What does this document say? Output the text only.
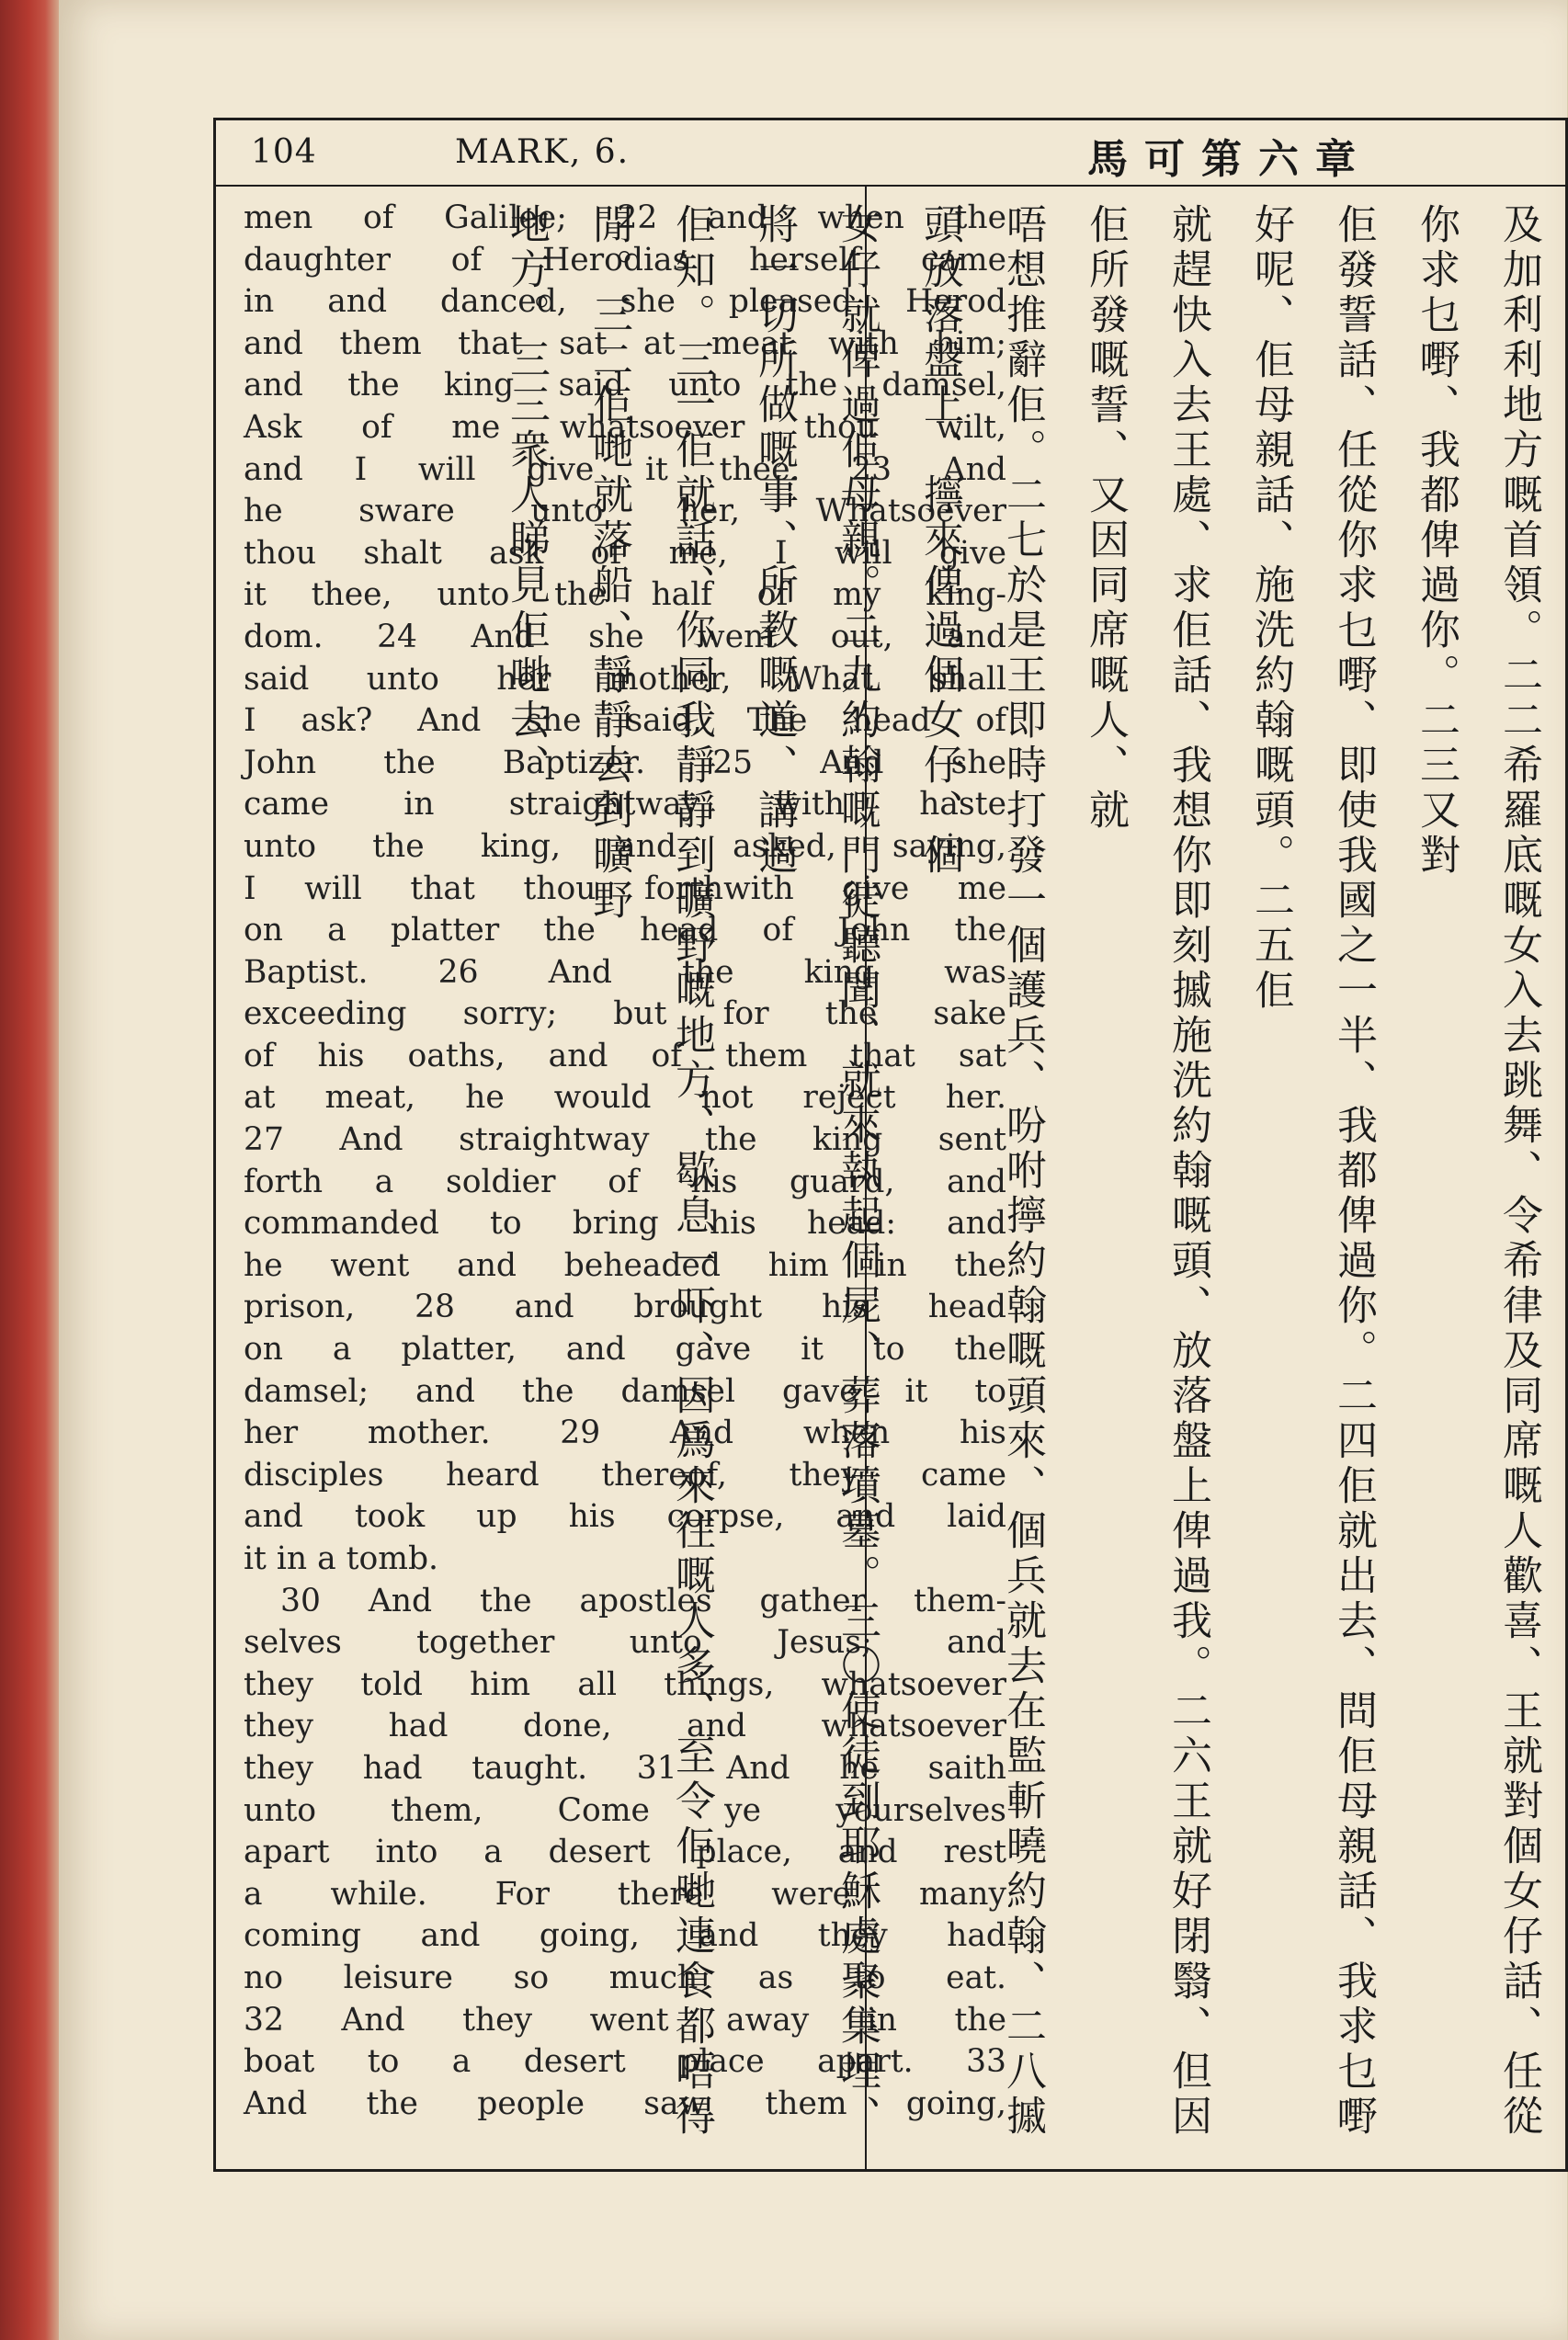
104	MARK, 6.	馬可第六章
men of Galilee; 22 and when the
daughter of Herodias herself came
in and danced, she pleased Herod
and them that sat at meat with him;
and the king said unto the damsel,
Ask of me whatsoever thou wilt,
and I will give it thee. 23 And
he sware unto her, Whatsoever
thou shalt ask of me, I will give
it thee, unto the half of my king-
dom. 24 And she went out, and
said unto her mother, What shall
I ask? And she said, The head of
John the Baptizer. 25 And she
came in straightway with haste
unto the king, and asked, saying,
I will that thou forthwith give me
on a platter the head of John the
Baptist. 26 And the king was
exceeding sorry; but for the sake
of his oaths, and of them that sat
at meat, he would not reject her.
27 And straightway the king sent
forth a soldier of his guard, and
commanded to bring his head: and
he went and beheaded him in the
prison, 28 and brought his head
on a platter, and gave it to the
damsel; and the damsel gave it to
her mother. 29 And when his
disciples heard thereof, they came
and took up his corpse, and laid
it in a tomb.
30 And the apostles gather them-
selves together unto Jesus; and
they told him all things, whatsoever
they had done, and whatsoever
they had taught. 31 And he saith
unto them, Come ye yourselves
apart into a desert place, and rest
a while. For there were many
coming and going, and they had
no leisure so much as to eat.
32 And they went away in the
boat to a desert place apart. 33
And the people saw them going,	及加利利地方嘅首領。二二希羅底嘅女入去跳舞、令希律及同席嘅人歡喜、王就對個女仔話、任從你求乜嘢、我都俾過你。二三又對
佢發誓話、任從你求乜嘢、即使我國之一半、我都俾過你。二四佢就出去、問佢母親話、我求乜嘢好呢、佢母親話、施洗約翰嘅頭。二五佢
就趕快入去王處、求佢話、我想你即刻摵施洗約翰嘅頭、放落盤上俾過我。二六王就好閉翳、但因佢所發嘅誓、又因同席嘅人、就
唔想推辭佢。二七於是王即時打發一個護兵、吩咐擰約翰嘅頭來、個兵就去在監斬曉約翰、二八摵頭放落盤上、擰來俾過個女仔、個
女仔就俾過佢母親。二九約翰嘅門徒聽聞、就來執起個屍、葬落墳墓。三〇使徒到耶穌處聚集埋、將一切所做嘅事、所教嘅道、講過
佢知。三一佢就話、你同我靜靜到曠野嘅地方、歇息一吓、因爲來往嘅人多、至令佢哋連食都唔得閒。三二佢哋就落船、靜靜去到曠野
地方。三三衆人睇見佢哋去、
